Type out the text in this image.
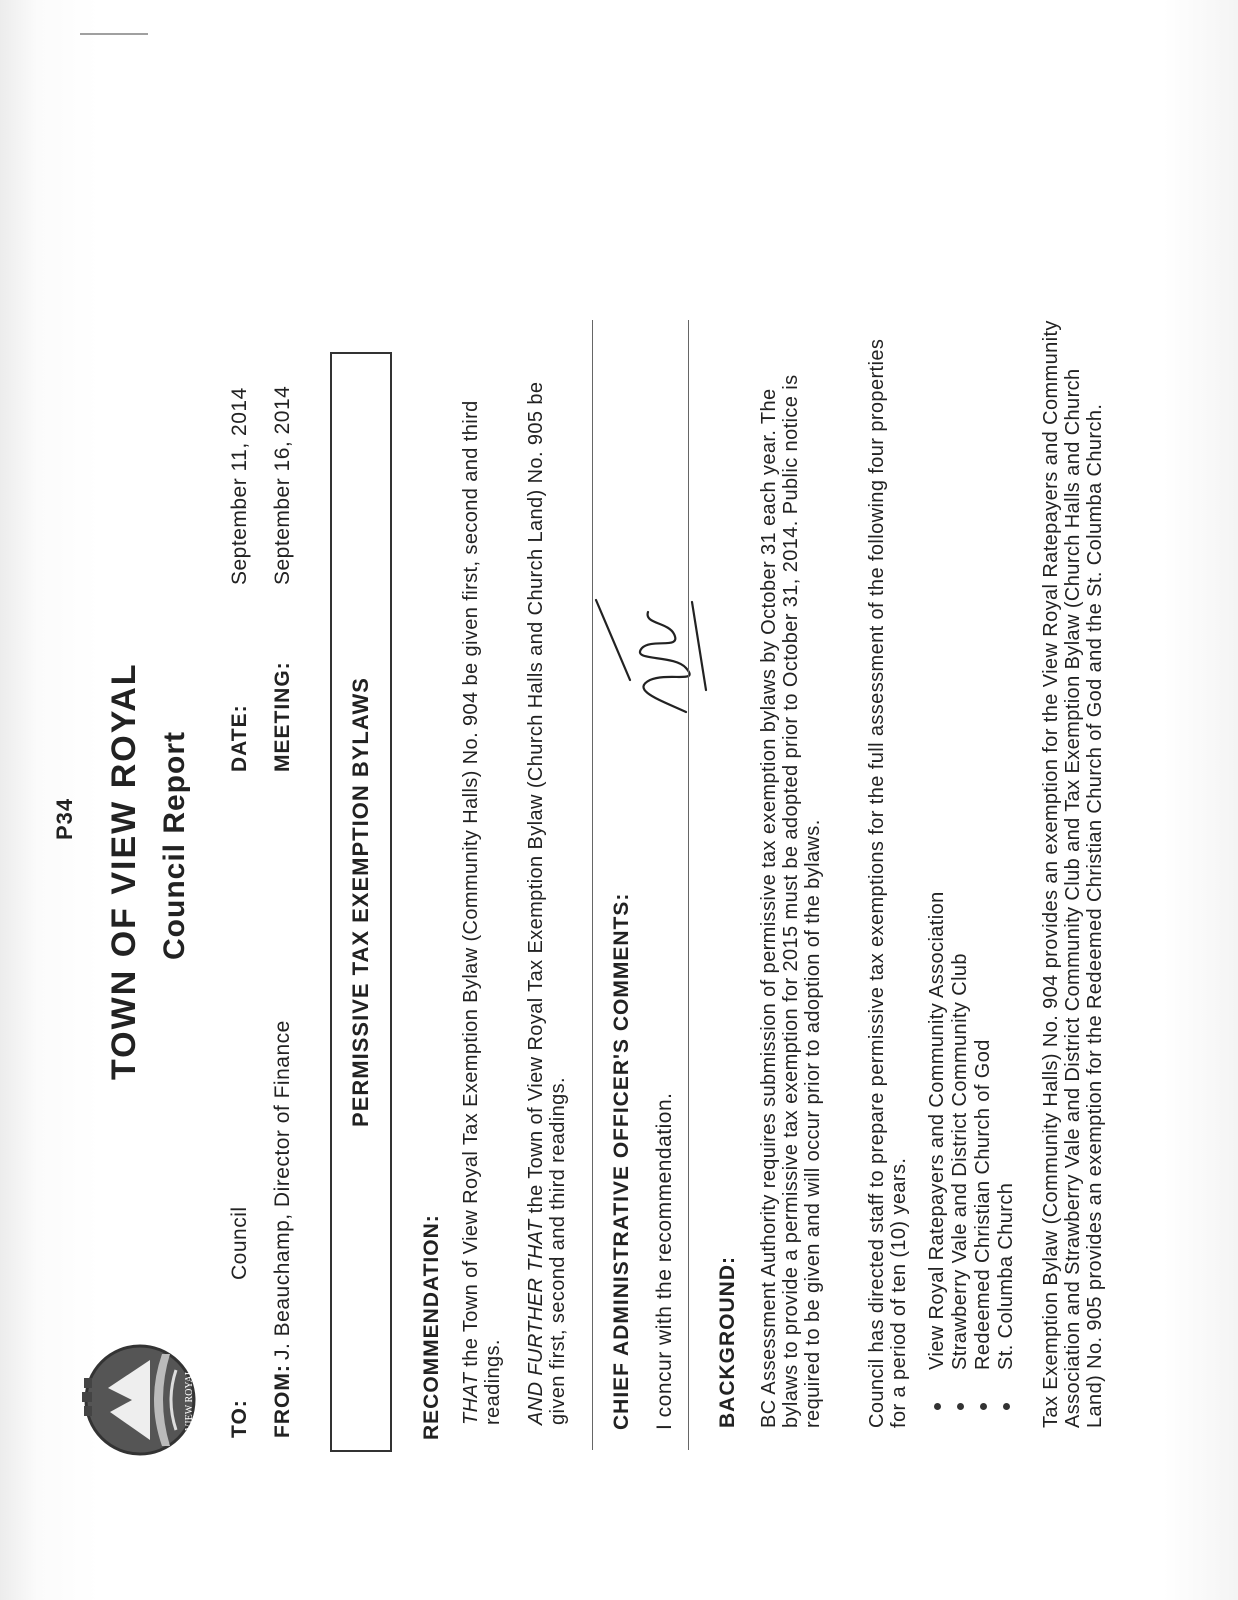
P34
VIEW ROYAL
TOWN OF VIEW ROYAL Council Report
TO:
Council
FROM:
J. Beauchamp, Director of Finance
DATE:
September 11, 2014
MEETING:
September 16, 2014
PERMISSIVE TAX EXEMPTION BYLAWS
RECOMMENDATION: THAT the Town of View Royal Tax Exemption Bylaw (Community Halls) No. 904 be given first, second and third readings. AND FURTHER THAT the Town of View Royal Tax Exemption Bylaw (Church Halls and Church Land) No. 905 be given first, second and third readings. CHIEF ADMINISTRATIVE OFFICER'S COMMENTS: I concur with the recommendation. BACKGROUND: BC Assessment Authority requires submission of permissive tax exemption bylaws by October 31 each year. The bylaws to provide a permissive tax exemption for 2015 must be adopted prior to October 31, 2014. Public notice is required to be given and will occur prior to adoption of the bylaws. Council has directed staff to prepare permissive tax exemptions for the full assessment of the following four properties for a period of ten (10) years. View Royal Ratepayers and Community Association Strawberry Vale and District Community Club Redeemed Christian Church of God St. Columba Church Tax Exemption Bylaw (Community Halls) No. 904 provides an exemption for the View Royal Ratepayers and Community Association and Strawberry Vale and District Community Club and Tax Exemption Bylaw (Church Halls and Church Land) No. 905 provides an exemption for the Redeemed Christian Church of God and the St. Columba Church.
